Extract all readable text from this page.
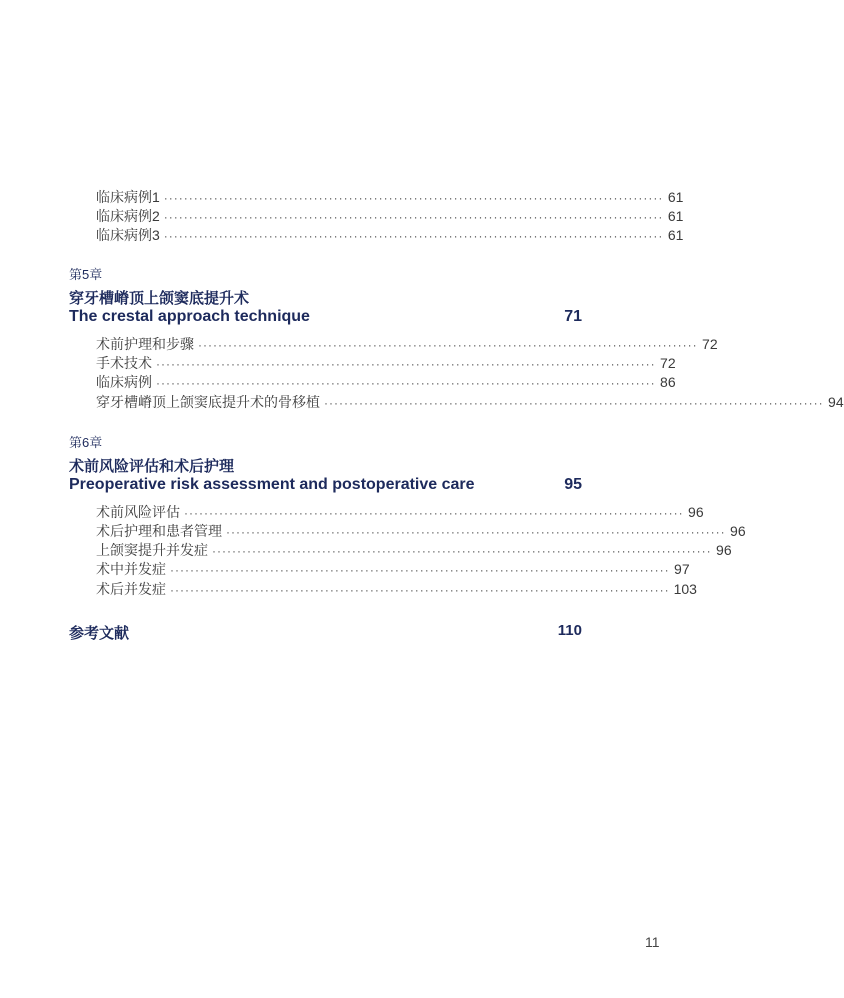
临床病例1 ···································································································· 61
临床病例2 ···································································································· 61
临床病例3 ···································································································· 61
第5章
穿牙槽嵴顶上颌窦底提升术
The crestal approach technique	71
术前护理和步骤 ···································································································· 72
手术技术 ···································································································· 72
临床病例 ···································································································· 86
穿牙槽嵴顶上颌窦底提升术的骨移植 ···································································································· 94
第6章
术前风险评估和术后护理
Preoperative risk assessment and postoperative care	95
术前风险评估 ···································································································· 96
术后护理和患者管理 ···································································································· 96
上颌窦提升并发症 ···································································································· 96
术中并发症 ···································································································· 97
术后并发症 ···································································································· 103
参考文献	110
11
